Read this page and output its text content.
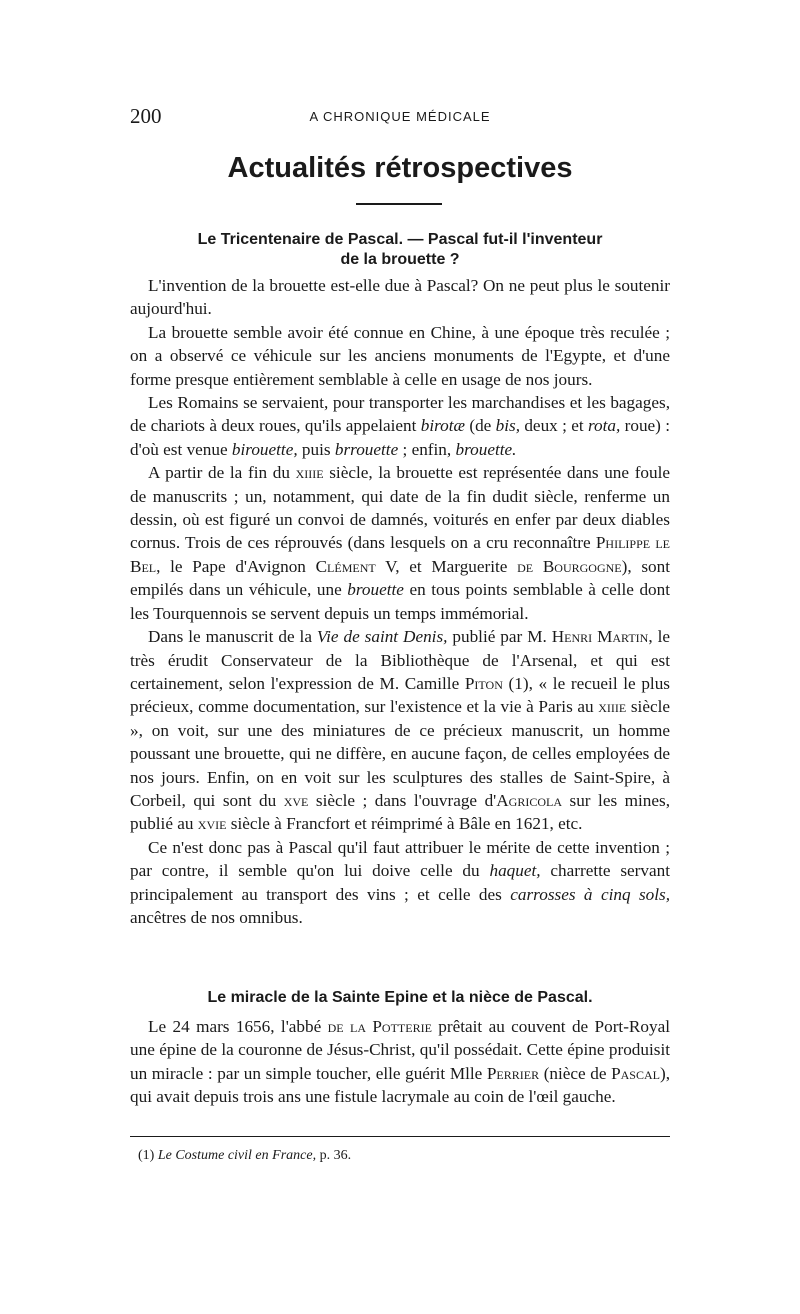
200	A CHRONIQUE MÉDICALE
Actualités rétrospectives
Le Tricentenaire de Pascal. — Pascal fut-il l'inventeur
de la brouette ?

L'invention de la brouette est-elle due à Pascal? On ne peut plus le soutenir aujourd'hui.

La brouette semble avoir été connue en Chine, à une époque très reculée ; on a observé ce véhicule sur les anciens monuments de l'Egypte, et d'une forme presque entièrement semblable à celle en usage de nos jours.

Les Romains se servaient, pour transporter les marchandises et les bagages, de chariots à deux roues, qu'ils appelaient birotæ (de bis, deux ; et rota, roue) : d'où est venue birouette, puis brrouette ; enfin, brouette.

A partir de la fin du xiiie siècle, la brouette est représentée dans une foule de manuscrits ; un, notamment, qui date de la fin dudit siècle, renferme un dessin, où est figuré un convoi de damnés, voiturés en enfer par deux diables cornus. Trois de ces réprouvés (dans lesquels on a cru reconnaître Philippe le Bel, le Pape d'Avignon Clément V, et Marguerite de Bourgogne), sont empilés dans un véhicule, une brouette en tous points semblable à celle dont les Tourquennois se servent depuis un temps immémorial.

Dans le manuscrit de la Vie de saint Denis, publié par M. Henri Martin, le très érudit Conservateur de la Bibliothèque de l'Arsenal, et qui est certainement, selon l'expression de M. Camille Piton (1), « le recueil le plus précieux, comme documentation, sur l'existence et la vie à Paris au xiiie siècle », on voit, sur une des miniatures de ce précieux manuscrit, un homme poussant une brouette, qui ne diffère, en aucune façon, de celles employées de nos jours. Enfin, on en voit sur les sculptures des stalles de Saint-Spire, à Corbeil, qui sont du xve siècle ; dans l'ouvrage d'Agricola sur les mines, publié au xvie siècle à Francfort et réimprimé à Bâle en 1621, etc.

Ce n'est donc pas à Pascal qu'il faut attribuer le mérite de cette invention ; par contre, il semble qu'on lui doive celle du haquet, charrette servant principalement au transport des vins ; et celle des carrosses à cinq sols, ancêtres de nos omnibus.

Le miracle de la Sainte Epine et la nièce de Pascal.

Le 24 mars 1656, l'abbé de la Potterie prêtait au couvent de Port-Royal une épine de la couronne de Jésus-Christ, qu'il possédait. Cette épine produisit un miracle : par un simple toucher, elle guérit Mlle Perrier (nièce de Pascal), qui avait depuis trois ans une fistule lacrymale au coin de l'œil gauche.

(1) Le Costume civil en France, p. 36.
